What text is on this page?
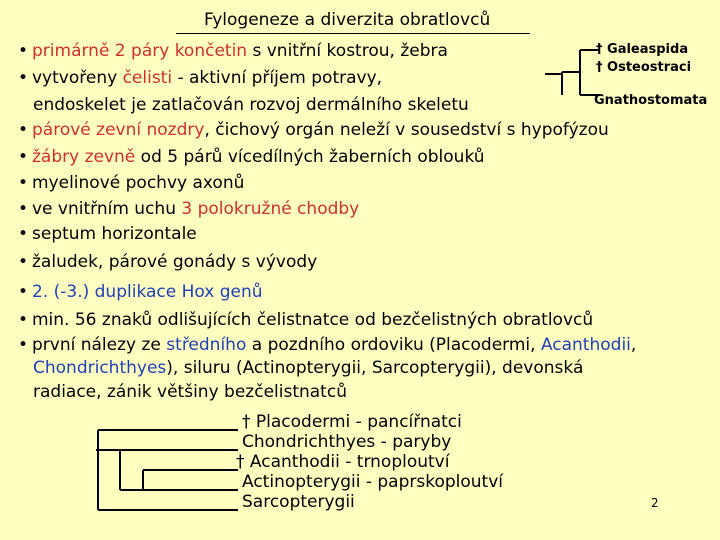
Fylogeneze a diverzita obratlovců
• primárně 2 páry končetin s vnitřní kostrou, žebra
• vytvořeny čelisti - aktivní příjem potravy,
endoskelet je zatlačován rozvoj dermálního skeletu
• párové zevní nozdry, čichový orgán neleží v sousedství s hypofýzou
• žábry zevně od 5 párů vícedílných žaberních oblouků
• myelinové pochvy axonů
• ve vnitřním uchu 3 polokružné chodby
• septum horizontale
• žaludek, párové gonády s vývody
• 2. (-3.) duplikace Hox genů
• min. 56 znaků odlišujících čelistnatce od bezčelistných obratlovců
• první nálezy ze středního a pozdního ordoviku (Placodermi, Acanthodii,
Chondrichthyes), siluru (Actinopterygii, Sarcopterygii), devonská
radiace, zánik většiny bezčelistnatců
† Galeaspida
† Osteostraci
Gnathostomata
† Placodermi - pancířnatci
Chondrichthyes - paryby
† Acanthodii - trnoploutví
Actinopterygii - paprskoploutví
Sarcopterygii	2
